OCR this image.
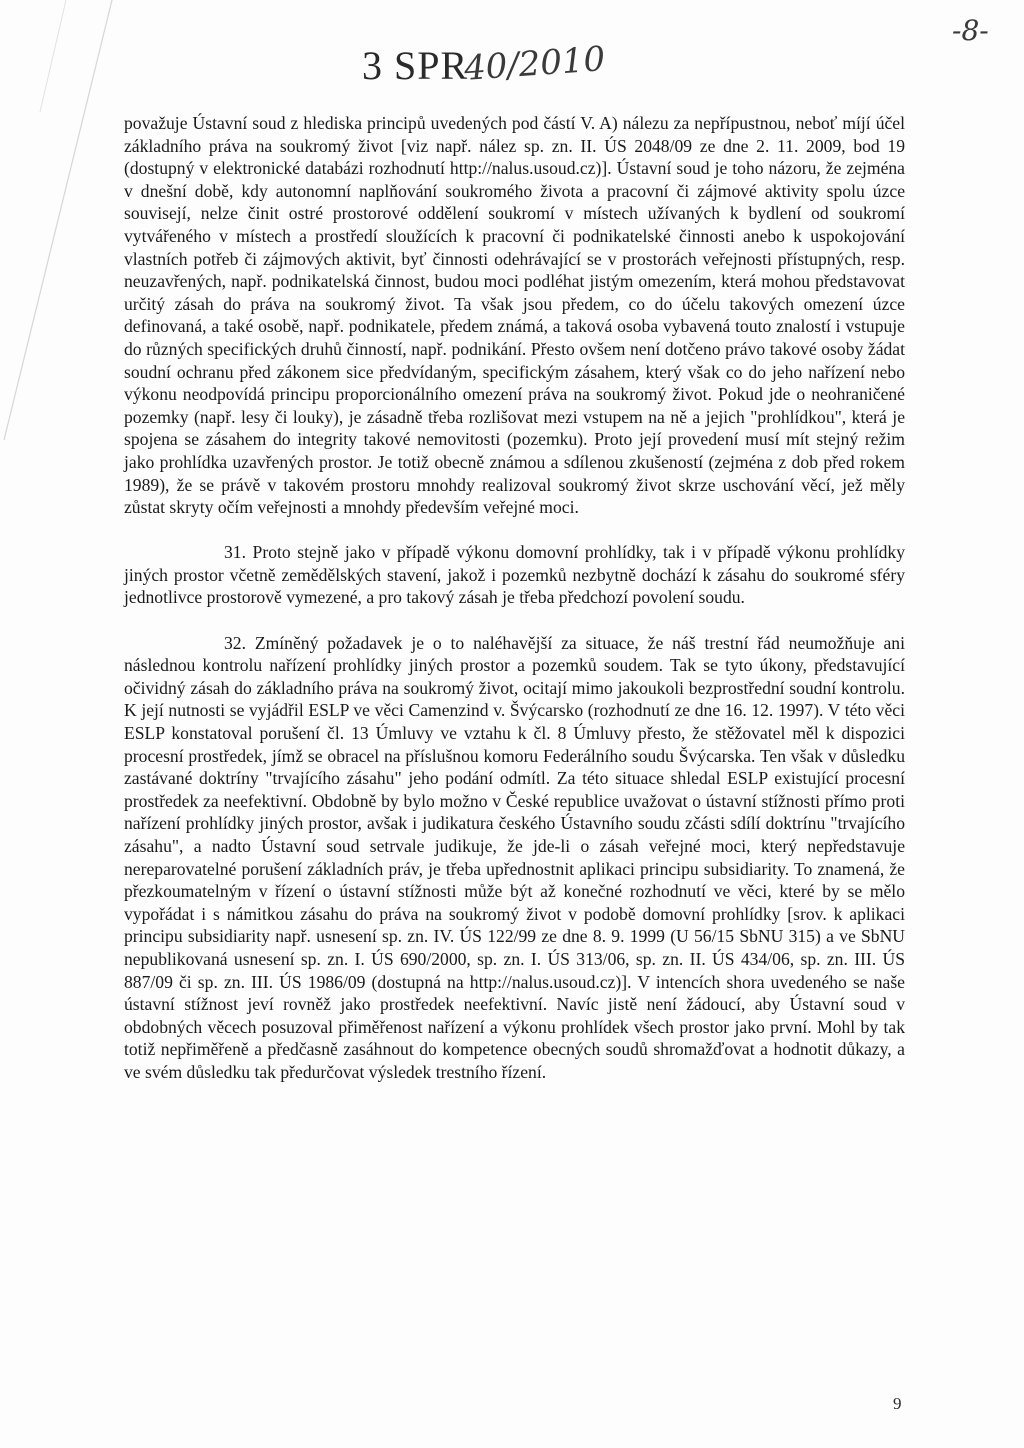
3 SPR
40/2010
-8-

považuje Ústavní soud z hlediska principů uvedených pod částí V. A) nálezu za nepřípustnou, neboť míjí účel základního práva na soukromý život [viz např. nález sp. zn. II. ÚS 2048/09 ze dne 2. 11. 2009, bod 19 (dostupný v elektronické databázi rozhodnutí http://nalus.usoud.cz)]. Ústavní soud je toho názoru, že zejména v dnešní době, kdy autonomní naplňování soukromého života a pracovní či zájmové aktivity spolu úzce souvisejí, nelze činit ostré prostorové oddělení soukromí v místech užívaných k bydlení od soukromí vytvářeného v místech a prostředí sloužících k pracovní či podnikatelské činnosti anebo k uspokojování vlastních potřeb či zájmových aktivit, byť činnosti odehrávající se v prostorách veřejnosti přístupných, resp. neuzavřených, např. podnikatelská činnost, budou moci podléhat jistým omezením, která mohou představovat určitý zásah do práva na soukromý život. Ta však jsou předem, co do účelu takových omezení úzce definovaná, a také osobě, např. podnikatele, předem známá, a taková osoba vybavená touto znalostí i vstupuje do různých specifických druhů činností, např. podnikání. Přesto ovšem není dotčeno právo takové osoby žádat soudní ochranu před zákonem sice předvídaným, specifickým zásahem, který však co do jeho nařízení nebo výkonu neodpovídá principu proporcionálního omezení práva na soukromý život. Pokud jde o neohraničené pozemky (např. lesy či louky), je zásadně třeba rozlišovat mezi vstupem na ně a jejich "prohlídkou", která je spojena se zásahem do integrity takové nemovitosti (pozemku). Proto její provedení musí mít stejný režim jako prohlídka uzavřených prostor. Je totiž obecně známou a sdílenou zkušeností (zejména z dob před rokem 1989), že se právě v takovém prostoru mnohdy realizoval soukromý život skrze uschování věcí, jež měly zůstat skryty očím veřejnosti a mnohdy především veřejné moci.

31. Proto stejně jako v případě výkonu domovní prohlídky, tak i v případě výkonu prohlídky jiných prostor včetně zemědělských stavení, jakož i pozemků nezbytně dochází k zásahu do soukromé sféry jednotlivce prostorově vymezené, a pro takový zásah je třeba předchozí povolení soudu.

32. Zmíněný požadavek je o to naléhavější za situace, že náš trestní řád neumožňuje ani následnou kontrolu nařízení prohlídky jiných prostor a pozemků soudem. Tak se tyto úkony, představující očividný zásah do základního práva na soukromý život, ocitají mimo jakoukoli bezprostřední soudní kontrolu. K její nutnosti se vyjádřil ESLP ve věci Camenzind v. Švýcarsko (rozhodnutí ze dne 16. 12. 1997). V této věci ESLP konstatoval porušení čl. 13 Úmluvy ve vztahu k čl. 8 Úmluvy přesto, že stěžovatel měl k dispozici procesní prostředek, jímž se obracel na příslušnou komoru Federálního soudu Švýcarska. Ten však v důsledku zastávané doktríny "trvajícího zásahu" jeho podání odmítl. Za této situace shledal ESLP existující procesní prostředek za neefektivní. Obdobně by bylo možno v České republice uvažovat o ústavní stížnosti přímo proti nařízení prohlídky jiných prostor, avšak i judikatura českého Ústavního soudu zčásti sdílí doktrínu "trvajícího zásahu", a nadto Ústavní soud setrvale judikuje, že jde-li o zásah veřejné moci, který nepředstavuje nereparovatelné porušení základních práv, je třeba upřednostnit aplikaci principu subsidiarity. To znamená, že přezkoumatelným v řízení o ústavní stížnosti může být až konečné rozhodnutí ve věci, které by se mělo vypořádat i s námitkou zásahu do práva na soukromý život v podobě domovní prohlídky [srov. k aplikaci principu subsidiarity např. usnesení sp. zn. IV. ÚS 122/99 ze dne 8. 9. 1999 (U 56/15 SbNU 315) a ve SbNU nepublikovaná usnesení sp. zn. I. ÚS 690/2000, sp. zn. I. ÚS 313/06, sp. zn. II. ÚS 434/06, sp. zn. III. ÚS 887/09 či sp. zn. III. ÚS 1986/09 (dostupná na http://nalus.usoud.cz)]. V intencích shora uvedeného se naše ústavní stížnost jeví rovněž jako prostředek neefektivní. Navíc jistě není žádoucí, aby Ústavní soud v obdobných věcech posuzoval přiměřenost nařízení a výkonu prohlídek všech prostor jako první. Mohl by tak totiž nepřiměřeně a předčasně zasáhnout do kompetence obecných soudů shromažďovat a hodnotit důkazy, a ve svém důsledku tak předurčovat výsledek trestního řízení.

9
